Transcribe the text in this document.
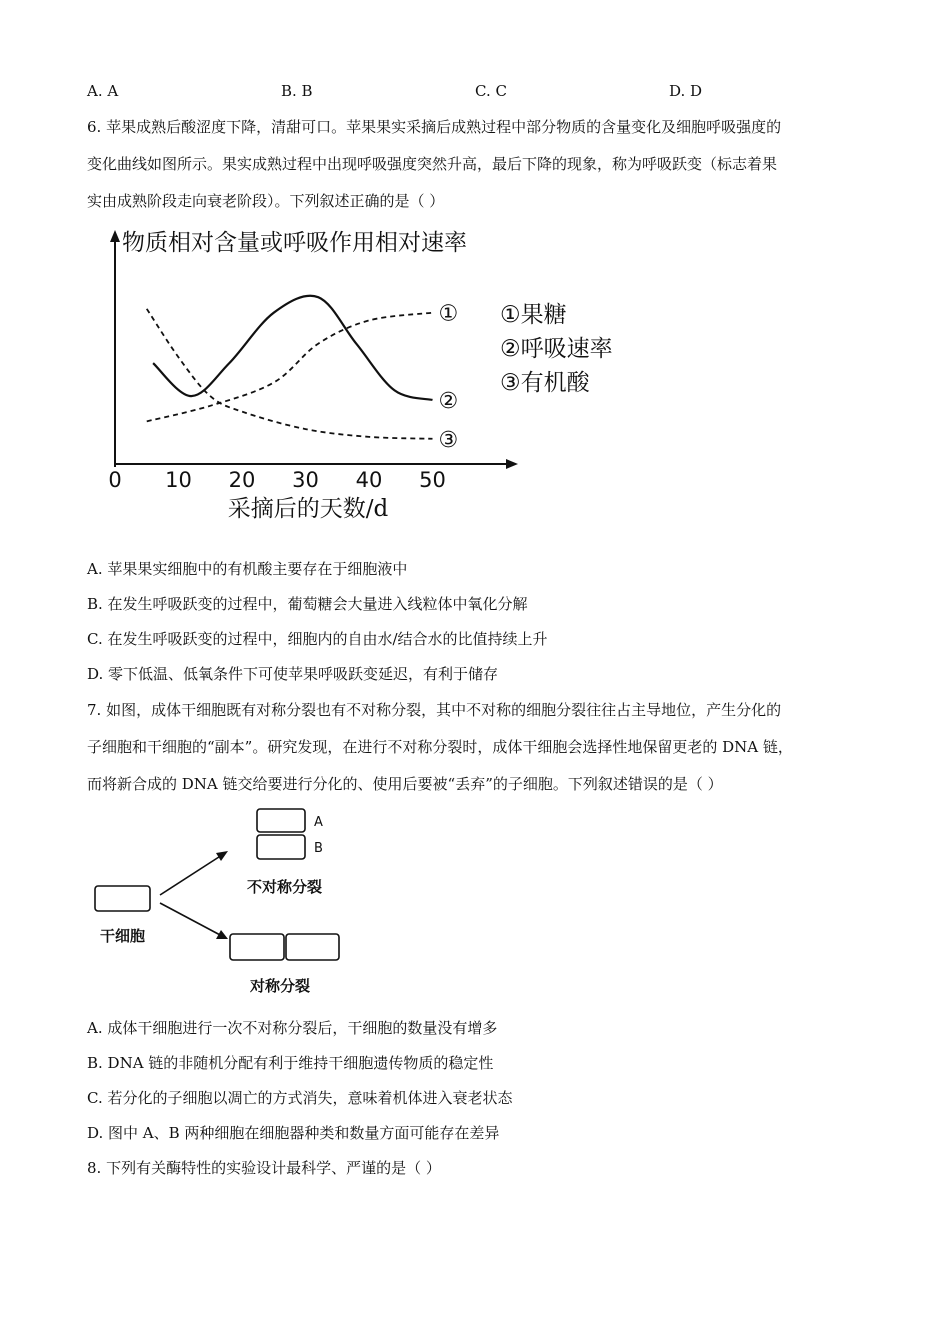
A. A	B. B	C. C	D. D
6. 苹果成熟后酸涩度下降，清甜可口。苹果果实采摘后成熟过程中部分物质的含量变化及细胞呼吸强度的
变化曲线如图所示。果实成熟过程中出现呼吸强度突然升高，最后下降的现象，称为呼吸跃变（标志着果
实由成熟阶段走向衰老阶段）。下列叙述正确的是（ ）
物质相对含量或呼吸作用相对速率
0 10 20 30 40 50
采摘后的天数/d
①
②
③
①果糖
②呼吸速率
③有机酸
A. 苹果果实细胞中的有机酸主要存在于细胞液中
B. 在发生呼吸跃变的过程中，葡萄糖会大量进入线粒体中氧化分解
C. 在发生呼吸跃变的过程中，细胞内的自由水/结合水的比值持续上升
D. 零下低温、低氧条件下可使苹果呼吸跃变延迟，有利于储存
7. 如图，成体干细胞既有对称分裂也有不对称分裂，其中不对称的细胞分裂往往占主导地位，产生分化的
子细胞和干细胞的“副本”。研究发现，在进行不对称分裂时，成体干细胞会选择性地保留更老的 DNA 链，
而将新合成的 DNA 链交给要进行分化的、使用后要被“丢弃”的子细胞。下列叙述错误的是（ ）
A
B
不对称分裂
干细胞
对称分裂
A. 成体干细胞进行一次不对称分裂后，干细胞的数量没有增多
B. DNA 链的非随机分配有利于维持干细胞遗传物质的稳定性
C. 若分化的子细胞以凋亡的方式消失，意味着机体进入衰老状态
D. 图中 A、B 两种细胞在细胞器种类和数量方面可能存在差异
8. 下列有关酶特性的实验设计最科学、严谨的是（ ）
